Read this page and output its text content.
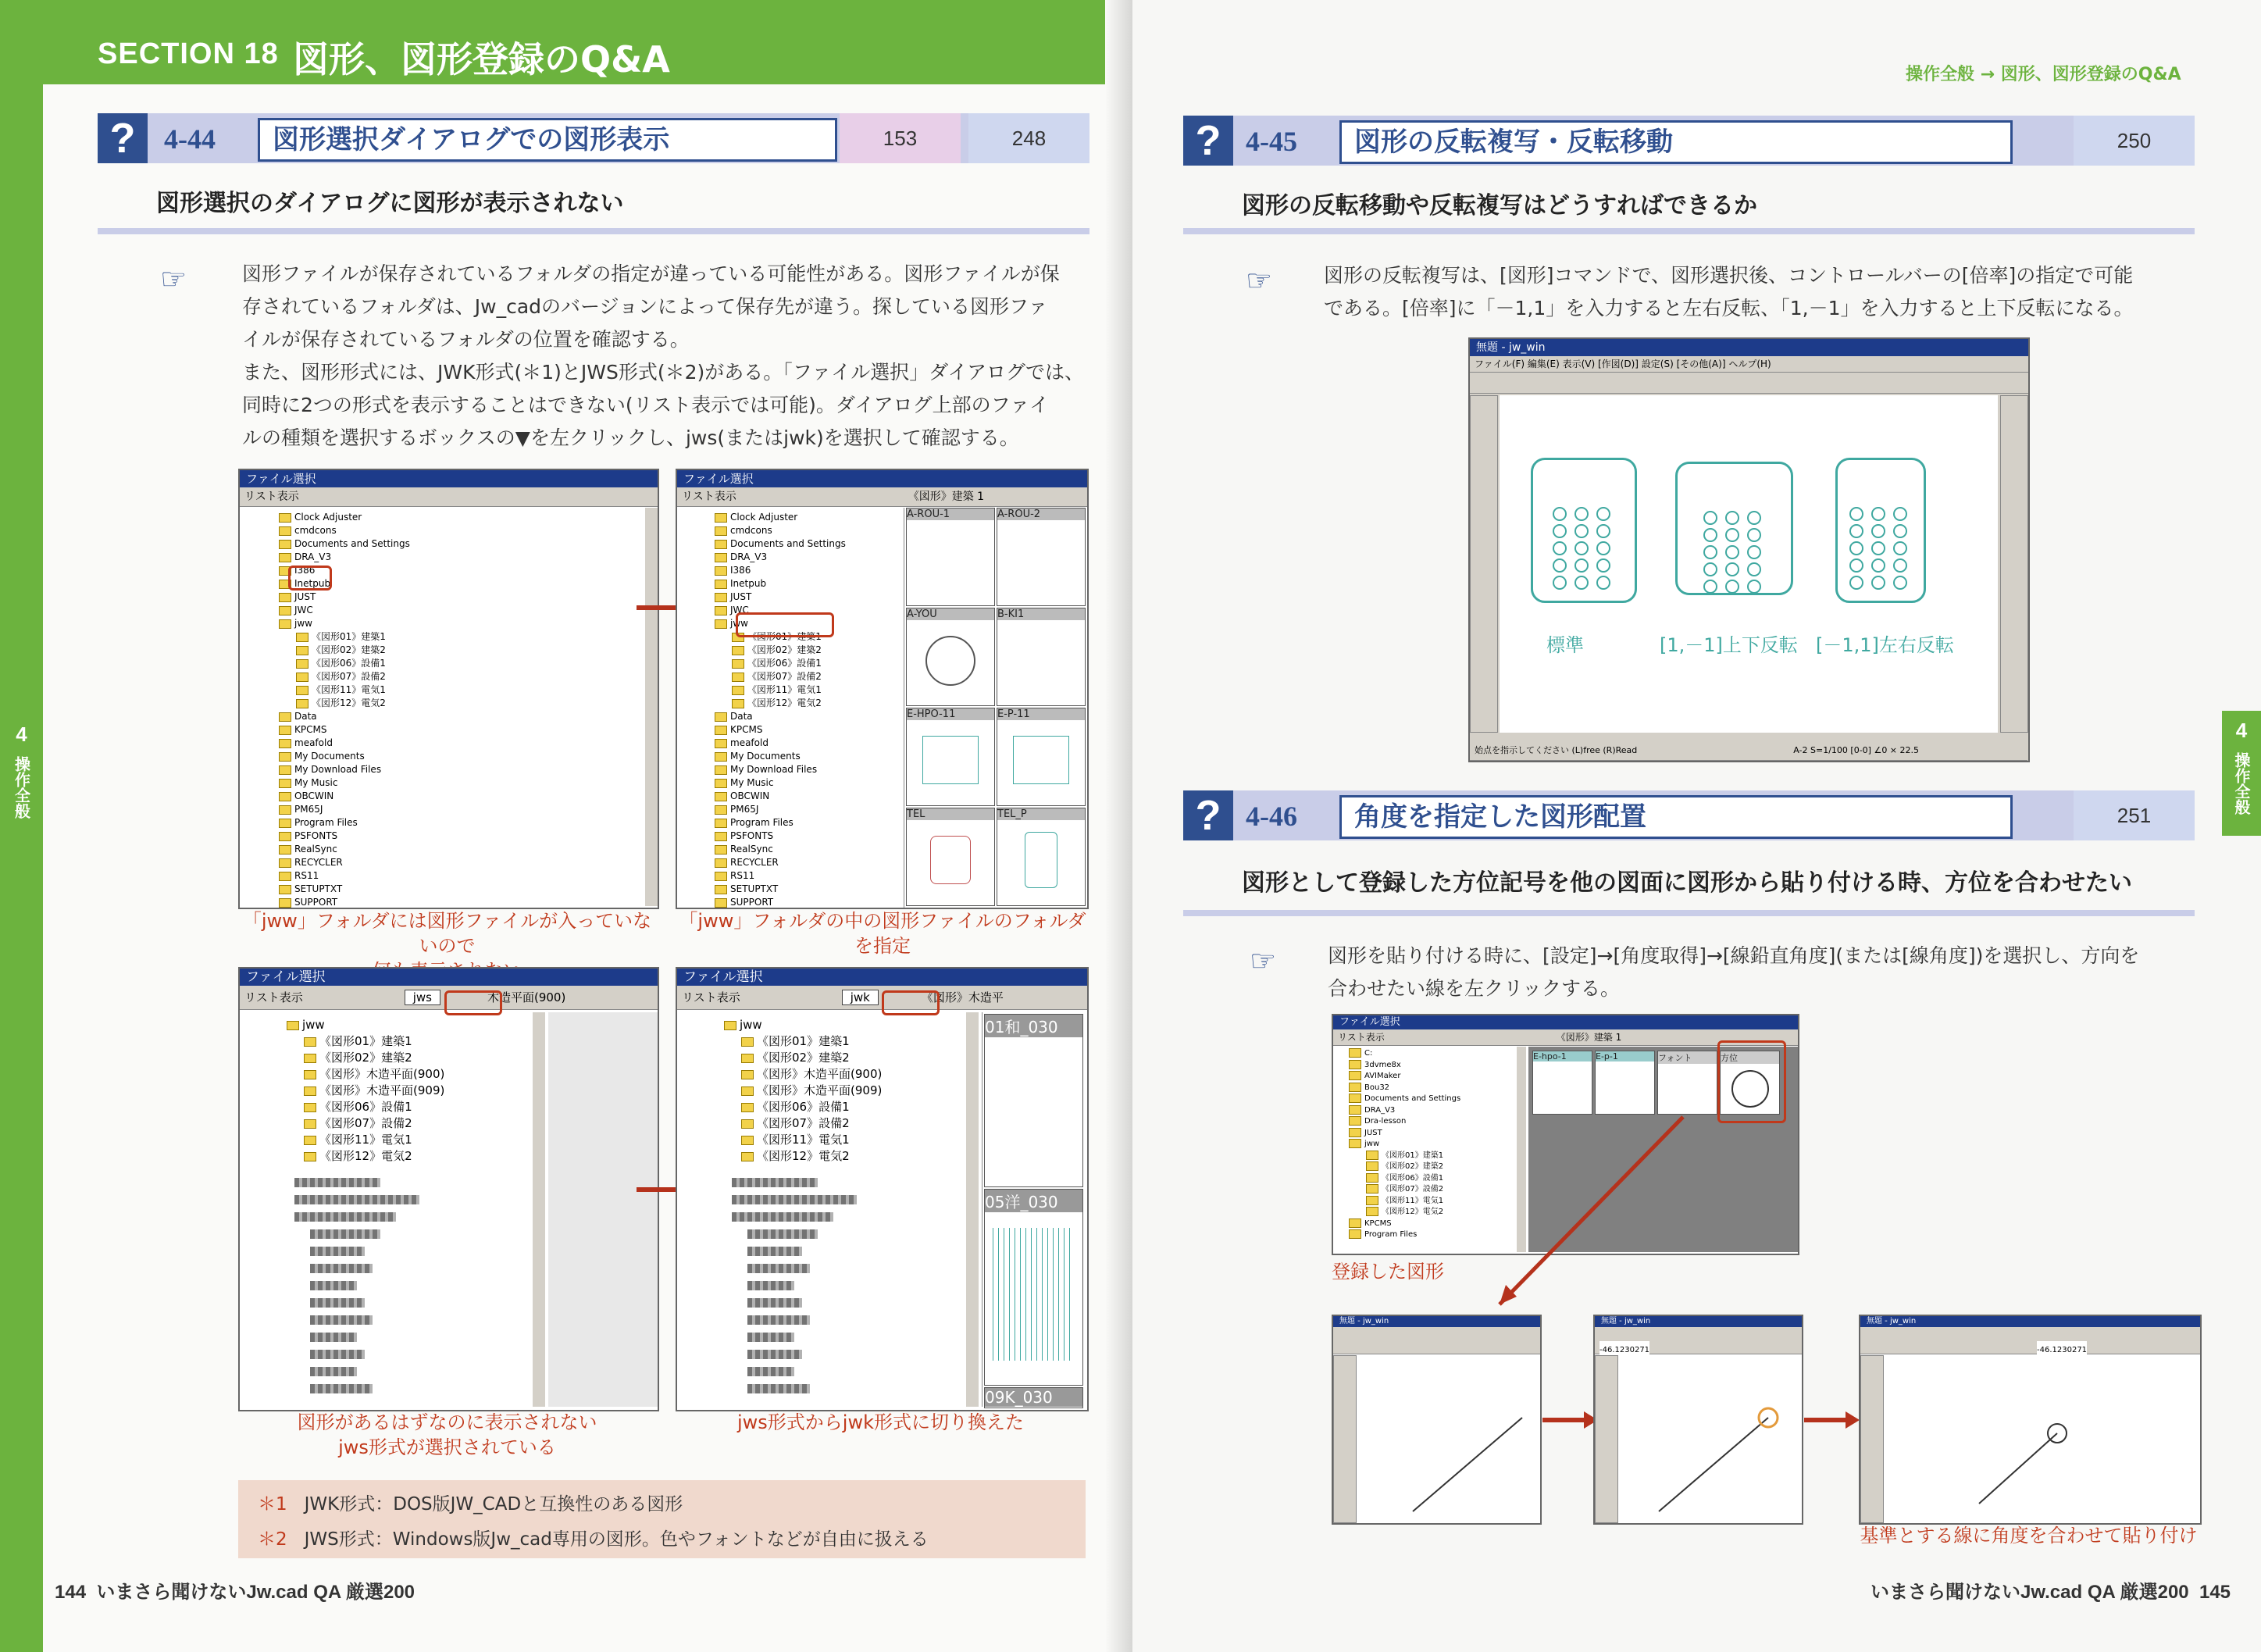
SECTION 18 図形、図形登録のQ&A
4
操作全般
?	4-44	図形選択ダイアログでの図形表示	153	248
図形選択のダイアログに図形が表示されない
☞	図形ファイルが保存されているフォルダの指定が違っている可能性がある。図形ファイルが保
存されているフォルダは、Jw_cadのバージョンによって保存先が違う。探している図形ファ
イルが保存されているフォルダの位置を確認する。
また、図形形式には、JWK形式(＊1)とJWS形式(＊2)がある。「ファイル選択」ダイアログでは、
同時に2つの形式を表示することはできない(リスト表示では可能)。ダイアログ上部のファイ
ルの種類を選択するボックスの▼を左クリックし、jws(またはjwk)を選択して確認する。
ファイル選択
リスト表示
Clock Adjuster
cmdcons
Documents and Settings
DRA_V3
I386
Inetpub
JUST
JWC
jww
《図形01》建築1
《図形02》建築2
《図形06》設備1
《図形07》設備2
《図形11》電気1
《図形12》電気2
Data
KPCMS
meafold
My Documents
My Download Files
My Music
OBCWIN
PM65J
Program Files
PSFONTS
RealSync
RECYCLER
RS11
SETUPTXT
SUPPORT
「jww」フォルダには図形ファイルが入っていないので
ファイル選択
リスト表示	《図形》建築 1
Clock Adjuster
cmdcons
Documents and Settings
DRA_V3
I386
Inetpub
JUST
JWC
jww
《図形01》建築1
《図形02》建築2
《図形06》設備1
《図形07》設備2
《図形11》電気1
《図形12》電気2
Data
KPCMS
meafold
My Documents
My Download Files
My Music
OBCWIN
PM65J
Program Files
PSFONTS
RealSync
RECYCLER
RS11
SETUPTXT
SUPPORT
A-ROU-1	A-ROU-2
A-YOU	B-KI1
E-HPO-11	E-P-11
TEL	TEL_P
「jww」フォルダの中の図形ファイルのフォルダを指定
ファイル選択
リスト表示	jws	木造平面(900)
jww
《図形01》建築1
《図形02》建築2
《図形》木造平面(900)
《図形》木造平面(909)
《図形06》設備1
《図形07》設備2
《図形11》電気1
《図形12》電気2
図形があるはずなのに表示されない
jws形式が選択されている
ファイル選択
リスト表示	jwk	《図形》木造平
jww
《図形01》建築1
《図形02》建築2
《図形》木造平面(900)
《図形》木造平面(909)
《図形06》設備1
《図形07》設備2
《図形11》電気1
《図形12》電気2
01和_030
05洋_030
09K_030
jws形式からjwk形式に切り換えた
＊1 JWK形式：DOS版JW_CADと互換性のある図形
＊2 JWS形式：Windows版Jw_cad専用の図形。色やフォントなどが自由に扱える
144 いまさら聞けないJw.cad QA 厳選200
操作全般 → 図形、図形登録のQ&A
? 4-45	図形の反転複写・反転移動	250
図形の反転移動や反転複写はどうすればできるか
☞	図形の反転複写は、[図形]コマンドで、図形選択後、コントロールバーの[倍率]の指定で可能
である。[倍率]に「－1,1」を入力すると左右反転、「1,－1」を入力すると上下反転になる。
無題 - jw_win
ファイル(F) 編集(E) 表示(V) [作図(D)] 設定(S) [その他(A)] ヘルプ(H)
標準	[1,－1]上下反転 [－1,1]左右反転
始点を指示してください (L)free (R)Read	A-2 S=1/100 [0-0] ∠0 × 22.5
? 4-46	角度を指定した図形配置	251
図形として登録した方位記号を他の図面に図形から貼り付ける時、方位を合わせたい
☞	図形を貼り付ける時に、[設定]→[角度取得]→[線鉛直角度](または[線角度])を選択し、方向を
合わせたい線を左クリックする。
ファイル選択
リスト表示	《図形》建築 1
C:
3dvme8x
AVIMaker
Bou32
Documents and Settings
DRA_V3
Dra-lesson
JUST
jww
《図形01》建築1
《図形02》建築2
《図形06》設備1
《図形07》設備2
《図形11》電気1
《図形12》電気2
KPCMS
Program Files
E-hpo-1	E-p-1	フォント	方位
登録した図形
無題 - jw_win	無題 - jw_win
-46.1230271
無題 - jw_win
-46.1230271
基準とする線に角度を合わせて貼り付け
4
操作全般
いまさら聞けないJw.cad QA 厳選200 145
